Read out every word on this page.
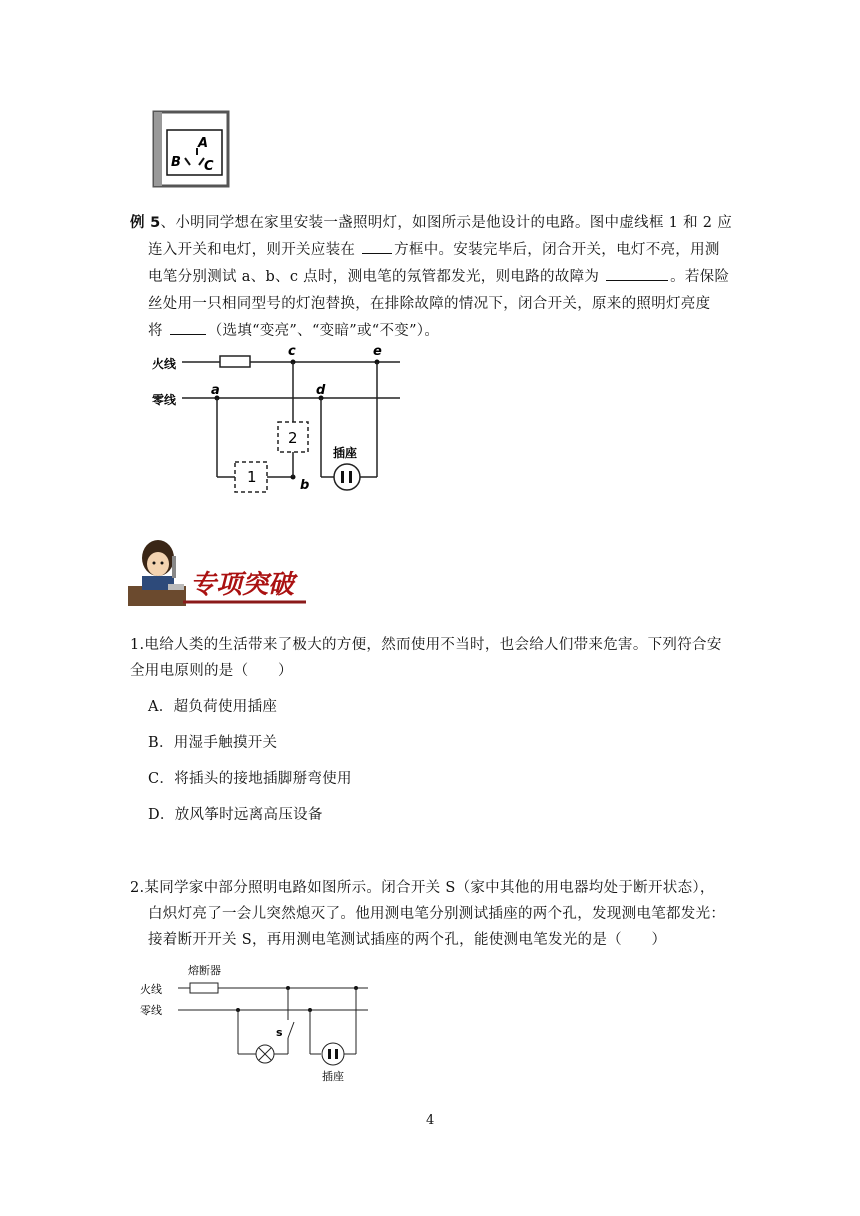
A
B C
例 5、小明同学想在家里安装一盏照明灯，如图所示是他设计的电路。图中虚线框 1 和 2 应
连入开关和电灯，则开关应装在 方框中。安装完毕后，闭合开关，电灯不亮，用测
电笔分别测试 a、b、c 点时，测电笔的氖管都发光，则电路的故障为	。若保险
丝处用一只相同型号的灯泡替换，在排除故障的情况下，闭合开关，原来的照明灯亮度
将	（选填“变亮”、“变暗”或“不变”）。
火线
零线
c	e
a	d
1	b
2
插座
专项突破
1.电给人类的生活带来了极大的方便，然而使用不当时，也会给人们带来危害。下列符合安
全用电原则的是（　　）
A．超负荷使用插座
B．用湿手触摸开关
C．将插头的接地插脚掰弯使用
D．放风筝时远离高压设备
2.某同学家中部分照明电路如图所示。闭合开关 S（家中其他的用电器均处于断开状态），
白炽灯亮了一会儿突然熄灭了。他用测电笔分别测试插座的两个孔，发现测电笔都发光：
接着断开开关 S，再用测电笔测试插座的两个孔，能使测电笔发光的是（　　）
熔断器
火线
零线
s
插座
4
